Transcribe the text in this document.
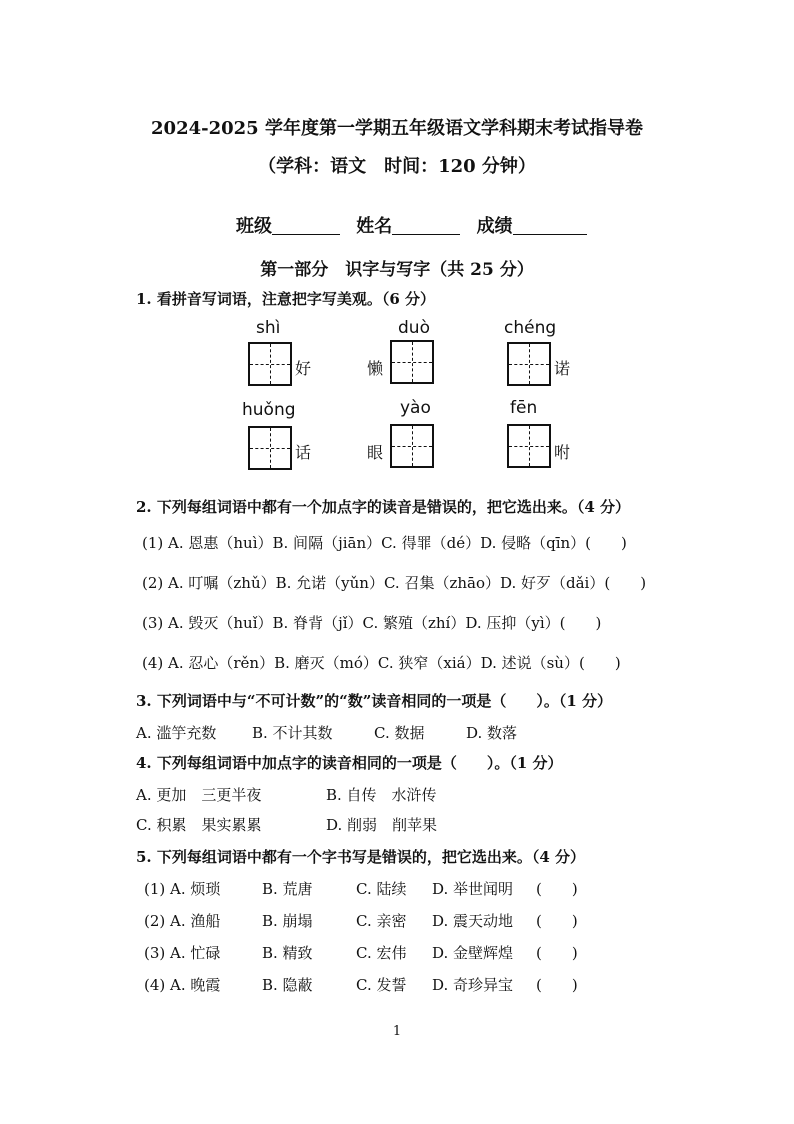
2024-2025 学年度第一学期五年级语文学科期末考试指导卷
（学科：语文　时间：120 分钟）
班级	姓名	成绩
第一部分　识字与写字（共 25 分）
1. 看拼音写词语，注意把字写美观。（6 分）
shì
好
duò
懒
chéng
诺
huǒng
话
yào
眼
fēn
咐
2. 下列每组词语中都有一个加点字的读音是错误的，把它选出来。（4 分）
(1) A. 恩惠（huì）B. 间隔（jiān）C. 得罪（dé）D. 侵略（qīn）(　　)
(2) A. 叮嘱（zhǔ）B. 允诺（yǔn）C. 召集（zhāo）D. 好歹（dǎi）(　　)
(3) A. 毁灭（huǐ）B. 脊背（jǐ）C. 繁殖（zhí）D. 压抑（yì）(　　)
(4) A. 忍心（rěn）B. 磨灭（mó）C. 狭窄（xiá）D. 述说（sù）(　　)
3. 下列词语中与“不可计数”的“数”读音相同的一项是（　　）。（1 分）
A. 滥竽充数 B. 不计其数	C. 数据	D. 数落
4. 下列每组词语中加点字的读音相同的一项是（　　）。（1 分）
A. 更加　三更半夜	B. 自传　水浒传
C. 积累　果实累累	D. 削弱　削苹果
5. 下列每组词语中都有一个字书写是错误的，把它选出来。（4 分）
(1) A. 烦琐	B. 荒唐	C. 陆续 D. 举世闻明 (　　)
(2) A. 渔船	B. 崩塌	C. 亲密 D. 震天动地 (　　)
(3) A. 忙碌	B. 精致	C. 宏伟 D. 金壁辉煌 (　　)
(4) A. 晚霞	B. 隐蔽	C. 发誓 D. 奇珍异宝 (　　)
1
